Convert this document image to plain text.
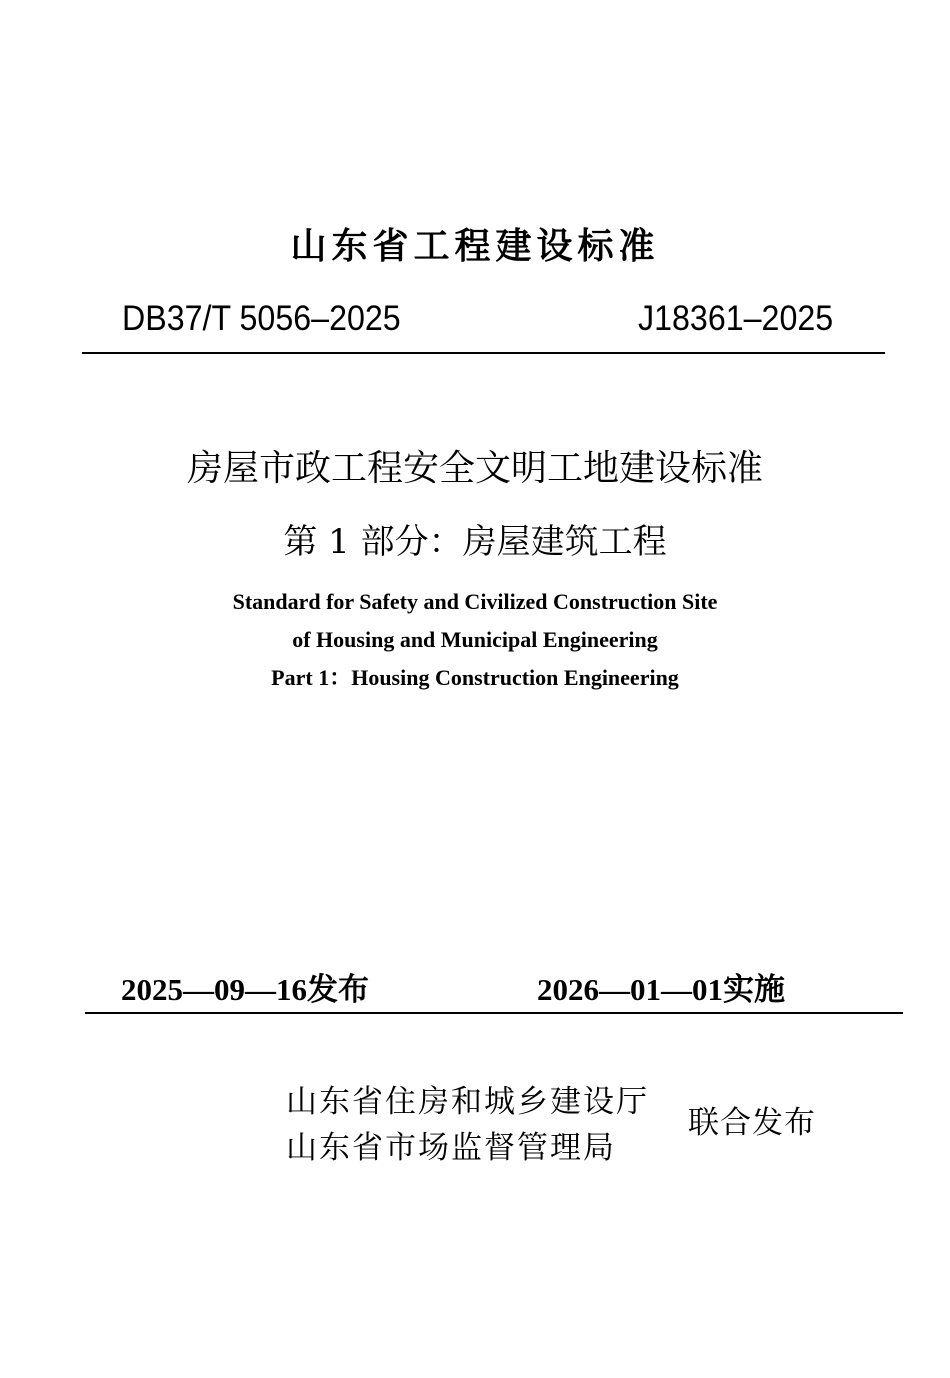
山东省工程建设标准
DB37/T 5056–2025	J18361–2025
房屋市政工程安全文明工地建设标准
第 1 部分：房屋建筑工程
Standard for Safety and Civilized Construction Site
of Housing and Municipal Engineering
Part 1：Housing Construction Engineering
2025—09—16发布	2026—01—01实施
山东省住房和城乡建设厅
山东省市场监督管理局
联合发布
